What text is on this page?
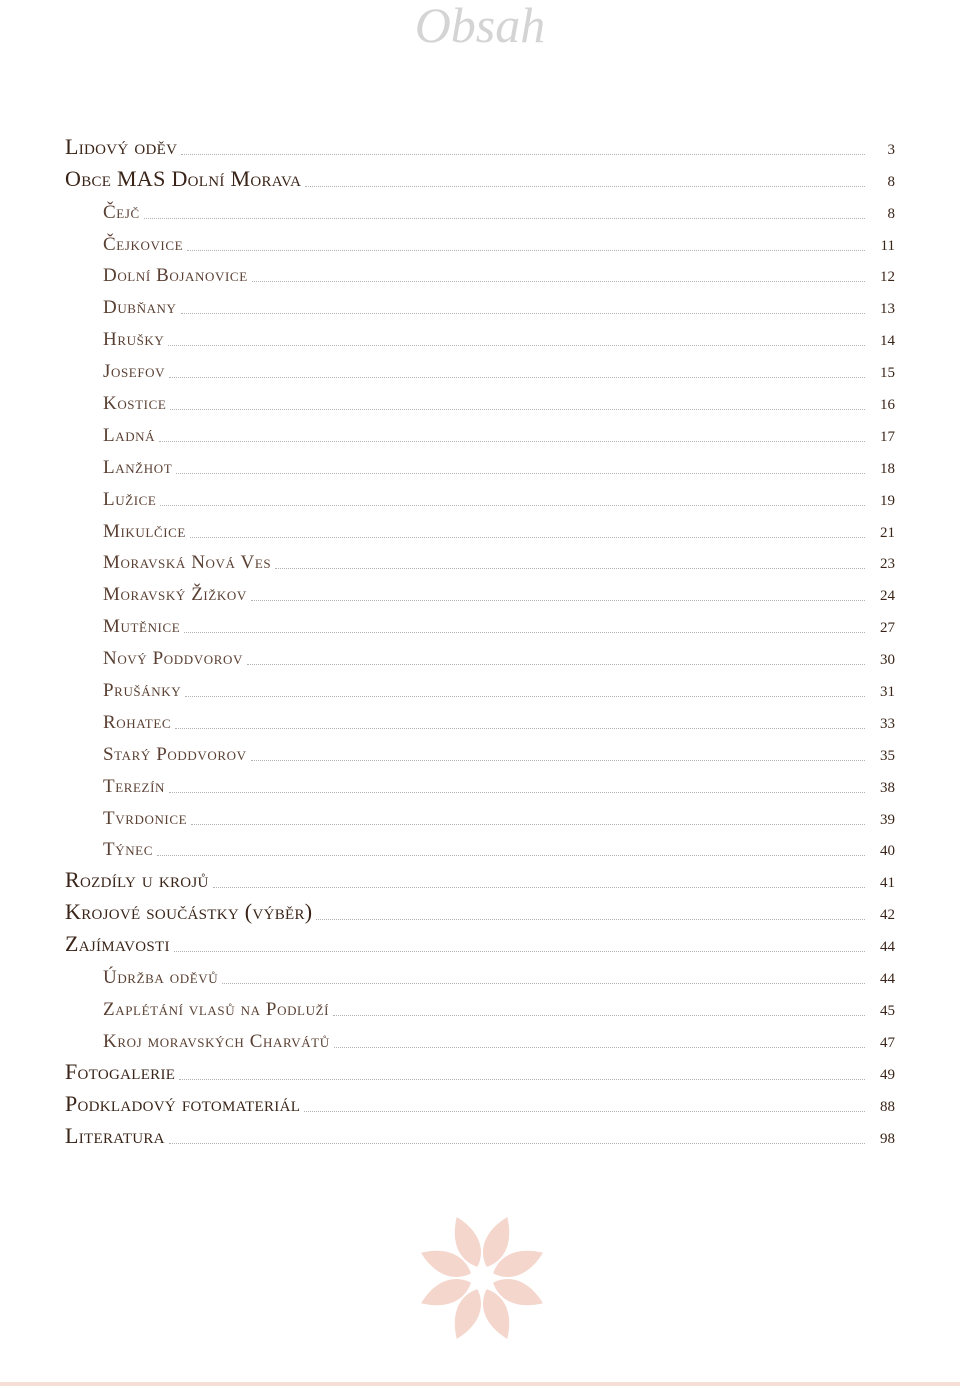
Obsah
Lidový oděv	3
Obce MAS Dolní Morava	8
Čejč	8
Čejkovice	11
Dolní Bojanovice	12
Dubňany	13
Hrušky	14
Josefov	15
Kostice	16
Ladná	17
Lanžhot	18
Lužice	19
Mikulčice	21
Moravská Nová Ves	23
Moravský Žižkov	24
Mutěnice	27
Nový Poddvorov	30
Prušánky	31
Rohatec	33
Starý Poddvorov	35
Terezín	38
Tvrdonice	39
Týnec	40
Rozdíly u krojů	41
Krojové součástky (výběr)	42
Zajímavosti	44
Údržba oděvů	44
Zaplétání vlasů na Podluží	45
Kroj moravských Charvátů	47
Fotogalerie	49
Podkladový fotomateriál	88
Literatura	98
